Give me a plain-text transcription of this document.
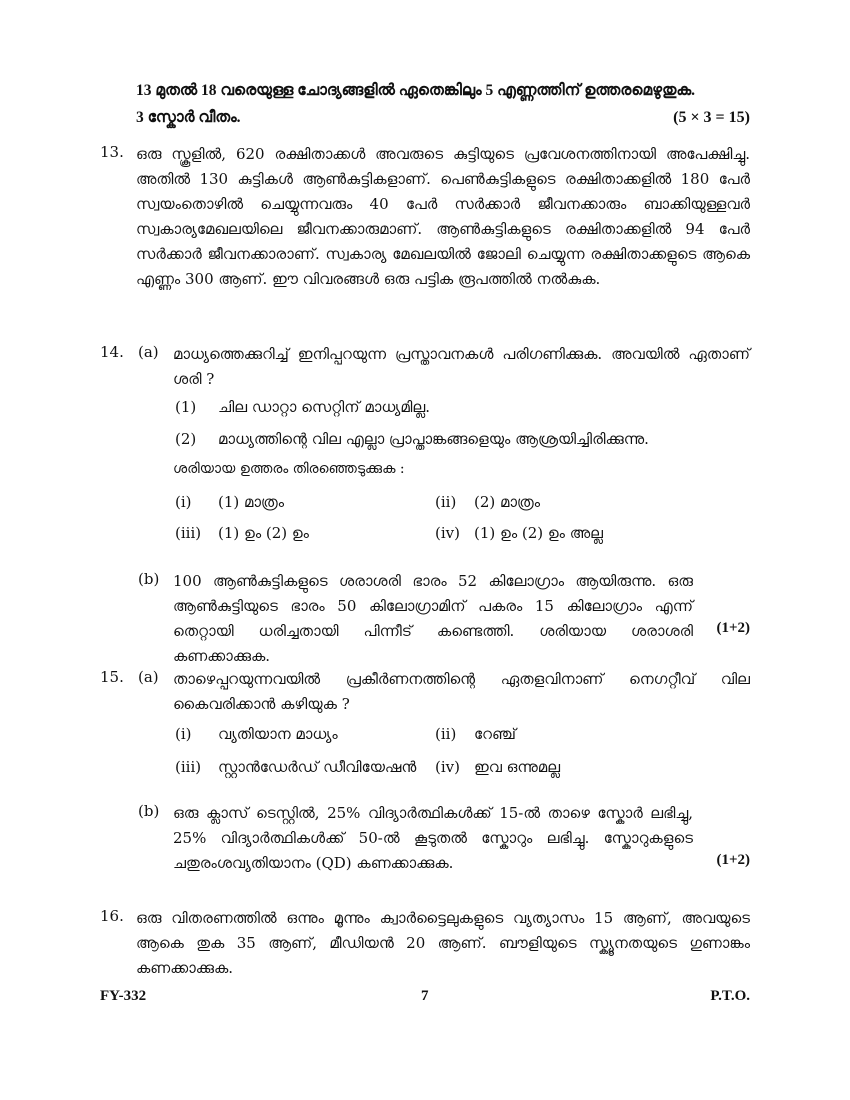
13 മുതൽ 18 വരെയുള്ള ചോദ്യങ്ങളിൽ ഏതെങ്കിലും 5 എണ്ണത്തിന് ഉത്തരമെഴുതുക.
3 സ്കോർ വീതം.	(5 × 3 = 15)
13. ഒരു സ്കൂളിൽ, 620 രക്ഷിതാക്കൾ അവരുടെ കുട്ടിയുടെ പ്രവേശനത്തിനായി അപേക്ഷിച്ചു. അതിൽ 130 കുട്ടികൾ ആൺകുട്ടികളാണ്. പെൺകുട്ടികളുടെ രക്ഷിതാക്കളിൽ 180 പേർ സ്വയംതൊഴിൽ ചെയ്യുന്നവരും 40 പേർ സർക്കാർ ജീവനക്കാരും ബാക്കിയുള്ളവർ സ്വകാര്യമേഖലയിലെ ജീവനക്കാരുമാണ്. ആൺകുട്ടികളുടെ രക്ഷിതാക്കളിൽ 94 പേർ സർക്കാർ ജീവനക്കാരാണ്. സ്വകാര്യ മേഖലയിൽ ജോലി ചെയ്യുന്ന രക്ഷിതാക്കളുടെ ആകെ എണ്ണം 300 ആണ്. ഈ വിവരങ്ങൾ ഒരു പട്ടിക രൂപത്തിൽ നൽകുക.
14. (a) മാധ്യത്തെക്കുറിച്ച് ഇനിപ്പറയുന്ന പ്രസ്താവനകൾ പരിഗണിക്കുക. അവയിൽ ഏതാണ് ശരി ?
(1) ചില ഡാറ്റാ സെറ്റിന് മാധ്യമില്ല.
(2) മാധ്യത്തിന്റെ വില എല്ലാ പ്രാപ്താങ്കങ്ങളെയും ആശ്രയിച്ചിരിക്കുന്നു.
ശരിയായ ഉത്തരം തിരഞ്ഞെടുക്കുക :
(i) (1) മാത്രം	(ii) (2) മാത്രം
(iii) (1) ഉം (2) ഉം	(iv) (1) ഉം (2) ഉം അല്ല
(b) 100 ആൺകുട്ടികളുടെ ശരാശരി ഭാരം 52 കിലോഗ്രാം ആയിരുന്നു. ഒരു ആൺകുട്ടിയുടെ ഭാരം 50 കിലോഗ്രാമിന് പകരം 15 കിലോഗ്രാം എന്ന് തെറ്റായി ധരിച്ചതായി പിന്നീട് കണ്ടെത്തി. ശരിയായ ശരാശരി കണക്കാക്കുക.
(1+2)
15. (a) താഴെപ്പറയുന്നവയിൽ പ്രകീർണനത്തിന്റെ ഏതളവിനാണ് നെഗറ്റീവ് വില കൈവരിക്കാൻ കഴിയുക ?
(i) വ്യതിയാന മാധ്യം	(ii) റേഞ്ച്
(iii) സ്റ്റാൻഡേർഡ് ഡീവിയേഷൻ (iv) ഇവ ഒന്നുമല്ല
(b) ഒരു ക്ലാസ് ടെസ്റ്റിൽ, 25% വിദ്യാർത്ഥികൾക്ക് 15-ൽ താഴെ സ്കോർ ലഭിച്ചു, 25% വിദ്യാർത്ഥികൾക്ക് 50-ൽ കൂടുതൽ സ്കോറും ലഭിച്ചു. സ്കോറുകളുടെ ചതുരംശവ്യതിയാനം (QD) കണക്കാക്കുക.	(1+2)
16. ഒരു വിതരണത്തിൽ ഒന്നും മൂന്നും ക്വാർട്ടൈലുകളുടെ വ്യത്യാസം 15 ആണ്, അവയുടെ ആകെ തുക 35 ആണ്, മീഡിയൻ 20 ആണ്. ബൗളിയുടെ സ്ക്യൂനതയുടെ ഗുണാങ്കം കണക്കാക്കുക.
FY-332	7	P.T.O.
